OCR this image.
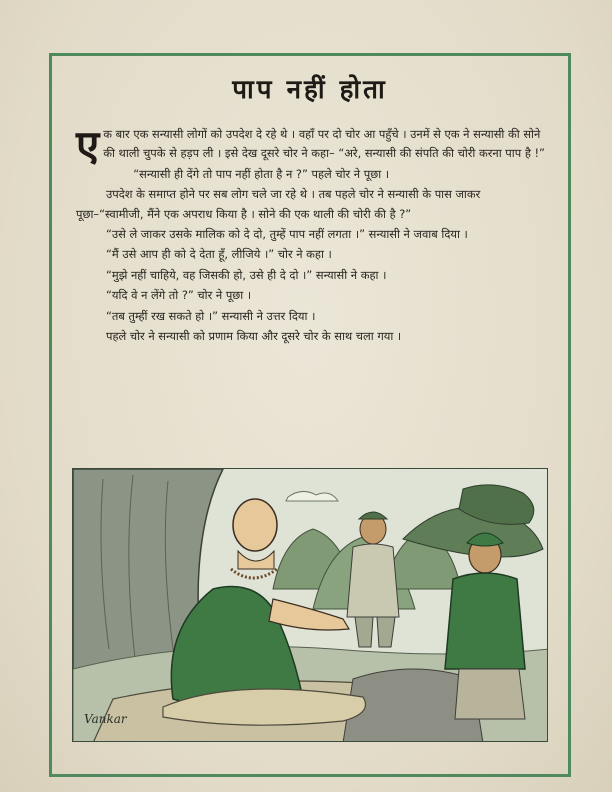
पाप नहीं होता

एक बार एक सन्यासी लोगों को उपदेश दे रहे थे । वहाँ पर दो चोर आ पहुँचे । उनमें से एक ने सन्यासी की सोने की थाली चुपके से हड़प ली । इसे देख दूसरे चोर ने कहा– “अरे, सन्यासी की संपति की चोरी करना पाप है !”

“सन्यासी ही देंगे तो पाप नहीं होता है न ?” पहले चोर ने पूछा ।

उपदेश के समाप्त होने पर सब लोग चले जा रहे थे । तब पहले चोर ने सन्यासी के पास जाकर पूछा–“स्वामीजी, मैंने एक अपराध किया है । सोने की एक थाली की चोरी की है ?”

“उसे ले जाकर उसके मालिक को दे दो, तुम्हें पाप नहीं लगता ।” सन्यासी ने जवाब दिया ।

“मैं उसे आप ही को दे देता हूँ, लीजिये ।” चोर ने कहा ।

“मुझे नहीं चाहिये, वह जिसकी हो, उसे ही दे दो ।” सन्यासी ने कहा ।

“यदि वे न लेंगे तो ?” चोर ने पूछा ।

“तब तुम्हीं रख सकते हो ।” सन्यासी ने उत्तर दिया ।

पहले चोर ने सन्यासी को प्रणाम किया और दूसरे चोर के साथ चला गया ।

Vankar
